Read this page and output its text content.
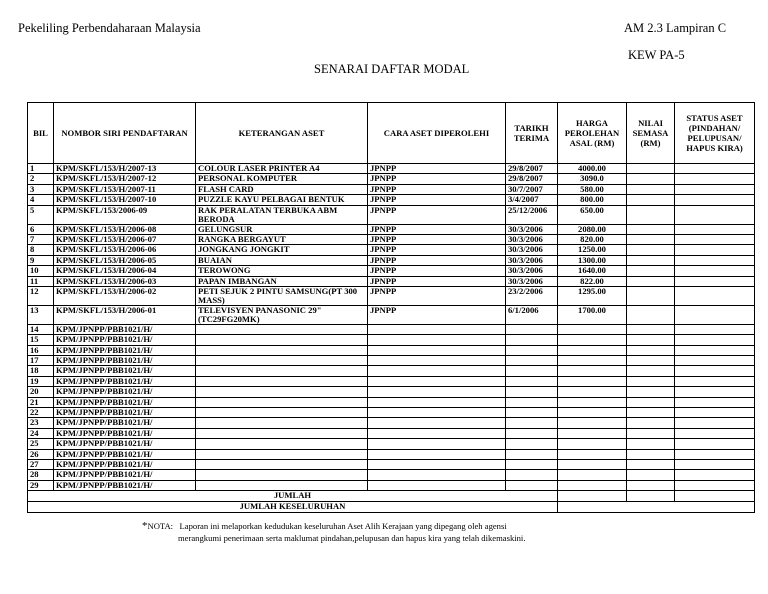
Pekeliling Perbendaharaan Malaysia	AM 2.3 Lampiran C
KEW PA-5
SENARAI DAFTAR MODAL
BIL	NOMBOR SIRI PENDAFTARAN	KETERANGAN ASET	CARA ASET DIPEROLEHI	TARIKH TERIMA	HARGA PEROLEHAN ASAL (RM)	NILAI SEMASA (RM)	STATUS ASET (PINDAHAN/ PELUPUSAN/ HAPUS KIRA)
1	KPM/SKFL/153/H/2007-13	COLOUR LASER PRINTER A4	JPNPP	29/8/2007	4000.00		
2	KPM/SKFL/153/H/2007-12	PERSONAL KOMPUTER	JPNPP	29/8/2007	3090.0		
3	KPM/SKFL/153/H/2007-11	FLASH CARD	JPNPP	30/7/2007	580.00		
4	KPM/SKFL/153/H/2007-10	PUZZLE KAYU PELBAGAI BENTUK	JPNPP	3/4/2007	800.00		
5	KPM/SKFL/153/2006-09	RAK PERALATAN TERBUKA ABM BERODA	JPNPP	25/12/2006	650.00		
6	KPM/SKFL/153/H/2006-08	GELUNGSUR	JPNPP	30/3/2006	2080.00		
7	KPM/SKFL/153/H/2006-07	RANGKA BERGAYUT	JPNPP	30/3/2006	820.00		
8	KPM/SKFL/153/H/2006-06	JONGKANG JONGKIT	JPNPP	30/3/2006	1250.00		
9	KPM/SKFL/153/H/2006-05	BUAIAN	JPNPP	30/3/2006	1300.00		
10	KPM/SKFL/153/H/2006-04	TEROWONG	JPNPP	30/3/2006	1640.00		
11	KPM/SKFL/153/H/2006-03	PAPAN IMBANGAN	JPNPP	30/3/2006	822.00		
12	KPM/SKFL/153/H/2006-02	PETI SEJUK 2 PINTU SAMSUNG(PT 300 MASS)	JPNPP	23/2/2006	1295.00		
13	KPM/SKFL/153/H/2006-01	TELEVISYEN PANASONIC 29" (TC29FG20MK)	JPNPP	6/1/2006	1700.00		
14	KPM/JPNPP/PBB1021/H/						
15	KPM/JPNPP/PBB1021/H/						
16	KPM/JPNPP/PBB1021/H/						
17	KPM/JPNPP/PBB1021/H/						
18	KPM/JPNPP/PBB1021/H/						
19	KPM/JPNPP/PBB1021/H/						
20	KPM/JPNPP/PBB1021/H/						
21	KPM/JPNPP/PBB1021/H/						
22	KPM/JPNPP/PBB1021/H/						
23	KPM/JPNPP/PBB1021/H/						
24	KPM/JPNPP/PBB1021/H/						
25	KPM/JPNPP/PBB1021/H/						
26	KPM/JPNPP/PBB1021/H/						
27	KPM/JPNPP/PBB1021/H/						
28	KPM/JPNPP/PBB1021/H/						
29	KPM/JPNPP/PBB1021/H/						
JUMLAH							
JUMLAH KESELURUHAN							
*NOTA: Laporan ini melaporkan kedudukan keseluruhan Aset Alih Kerajaan yang dipegang oleh agensi
merangkumi penerimaan serta maklumat pindahan,pelupusan dan hapus kira yang telah dikemaskini.
